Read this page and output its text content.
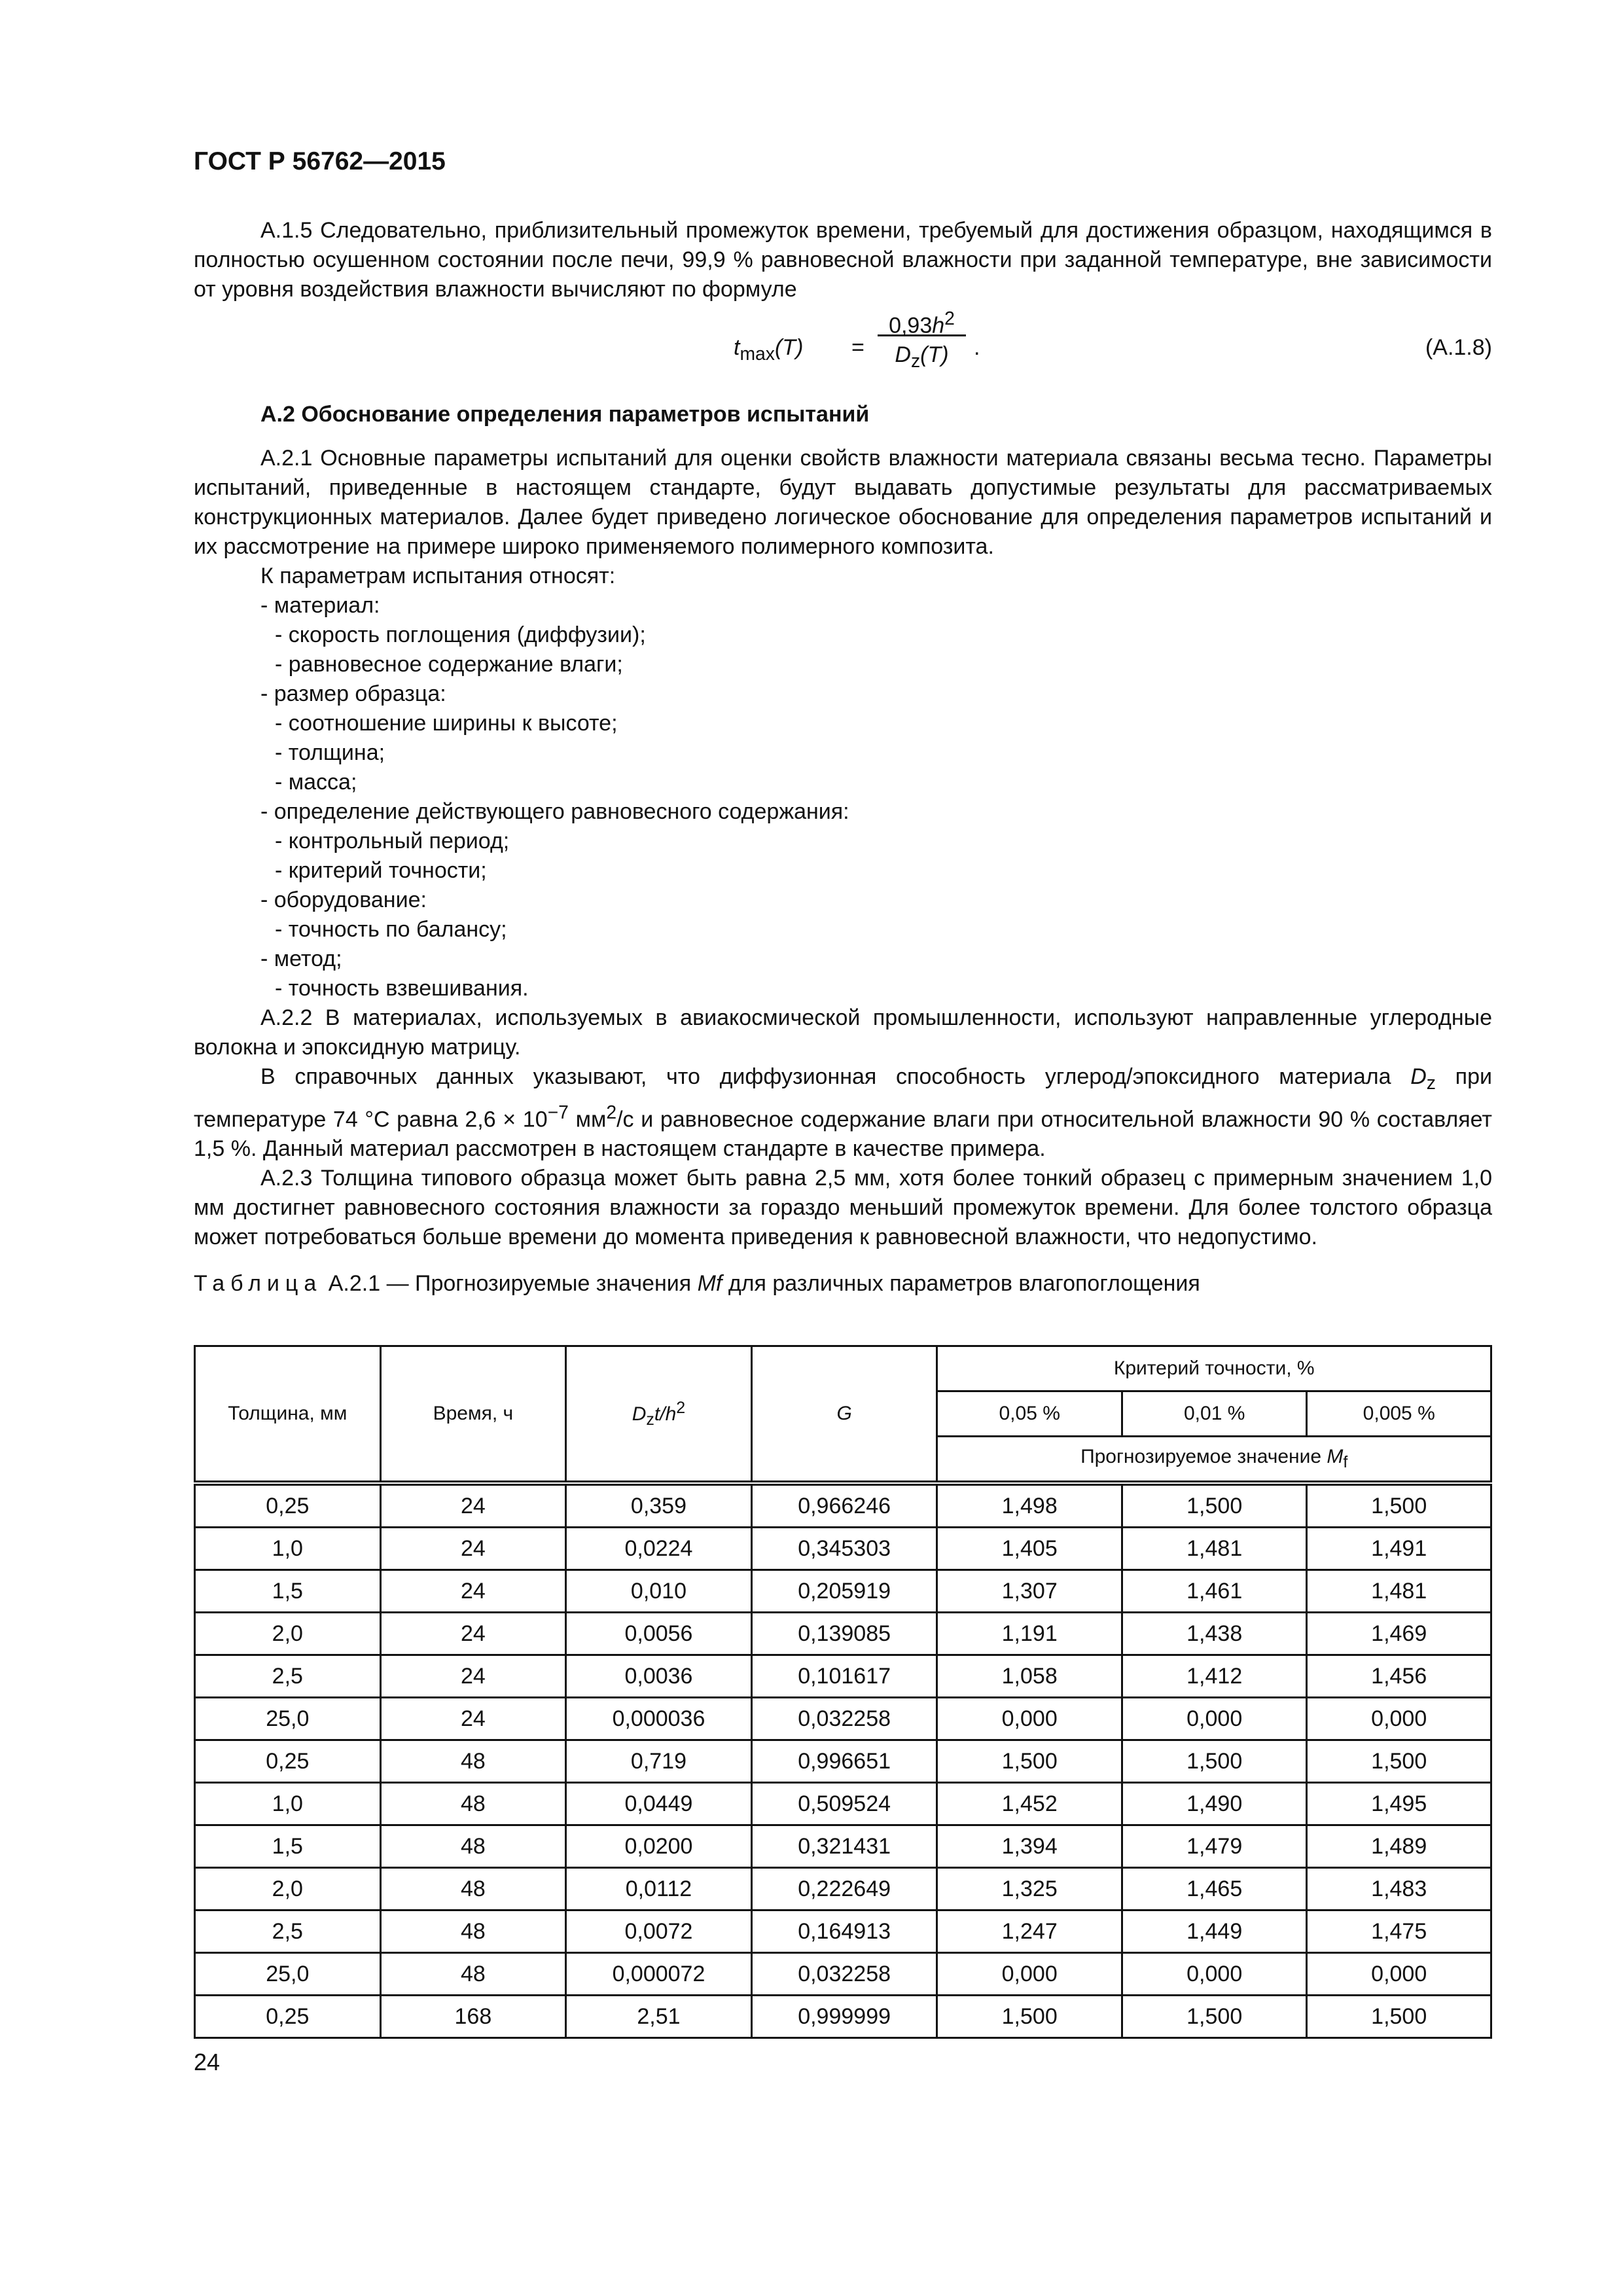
ГОСТ Р 56762—2015

А.1.5 Следовательно, приблизительный промежуток времени, требуемый для достижения образцом, находящимся в полностью осушенном состоянии после печи, 99,9 % равновесной влажности при заданной температуре, вне зависимости от уровня воздействия влажности вычисляют по формуле

$t_{max}(T) = \frac{0,93h^2}{D_z(T)}$ .	(А.1.8)

А.2 Обоснование определения параметров испытаний

А.2.1 Основные параметры испытаний для оценки свойств влажности материала связаны весьма тесно. Параметры испытаний, приведенные в настоящем стандарте, будут выдавать допустимые результаты для рассматриваемых конструкционных материалов. Далее будет приведено логическое обоснование для определения параметров испытаний и их рассмотрение на примере широко применяемого полимерного композита.

К параметрам испытания относят:

- материал:

- скорость поглощения (диффузии);

- равновесное содержание влаги;

- размер образца:

- соотношение ширины к высоте;

- толщина;

- масса;

- определение действующего равновесного содержания:

- контрольный период;

- критерий точности;

- оборудование:

- точность по балансу;

- метод;

- точность взвешивания.

А.2.2 В материалах, используемых в авиакосмической промышленности, используют направленные углеродные волокна и эпоксидную матрицу.

В справочных данных указывают, что диффузионная способность углерод/эпоксидного материала $D_z$ при температуре 74 °C равна $2,6 \times 10^{-7}$ $мм^2/с$ и равновесное содержание влаги при относительной влажности 90 % составляет 1,5 %. Данный материал рассмотрен в настоящем стандарте в качестве примера.

А.2.3 Толщина типового образца может быть равна 2,5 мм, хотя более тонкий образец с примерным значением 1,0 мм достигнет равновесного состояния влажности за гораздо меньший промежуток времени. Для более толстого образца может потребоваться больше времени до момента приведения к равновесной влажности, что недопустимо.

Таблица А.2.1 — Прогнозируемые значения Mf для различных параметров влагопоглощения

Толщина, мм	Время, ч	$D_zt/h^2$	G	Критерий точности, %		
				0,05 %	0,01 %	0,005 %
				Прогнозируемое значение $M_f$
0,25	24	0,359	0,966246	1,498	1,500	1,500
1,0	24	0,0224	0,345303	1,405	1,481	1,491
1,5	24	0,010	0,205919	1,307	1,461	1,481
2,0	24	0,0056	0,139085	1,191	1,438	1,469
2,5	24	0,0036	0,101617	1,058	1,412	1,456
25,0	24	0,000036	0,032258	0,000	0,000	0,000
0,25	48	0,719	0,996651	1,500	1,500	1,500
1,0	48	0,0449	0,509524	1,452	1,490	1,495
1,5	48	0,0200	0,321431	1,394	1,479	1,489
2,0	48	0,0112	0,222649	1,325	1,465	1,483
2,5	48	0,0072	0,164913	1,247	1,449	1,475
25,0	48	0,000072	0,032258	0,000	0,000	0,000
0,25	168	2,51	0,999999	1,500	1,500	1,500
24
